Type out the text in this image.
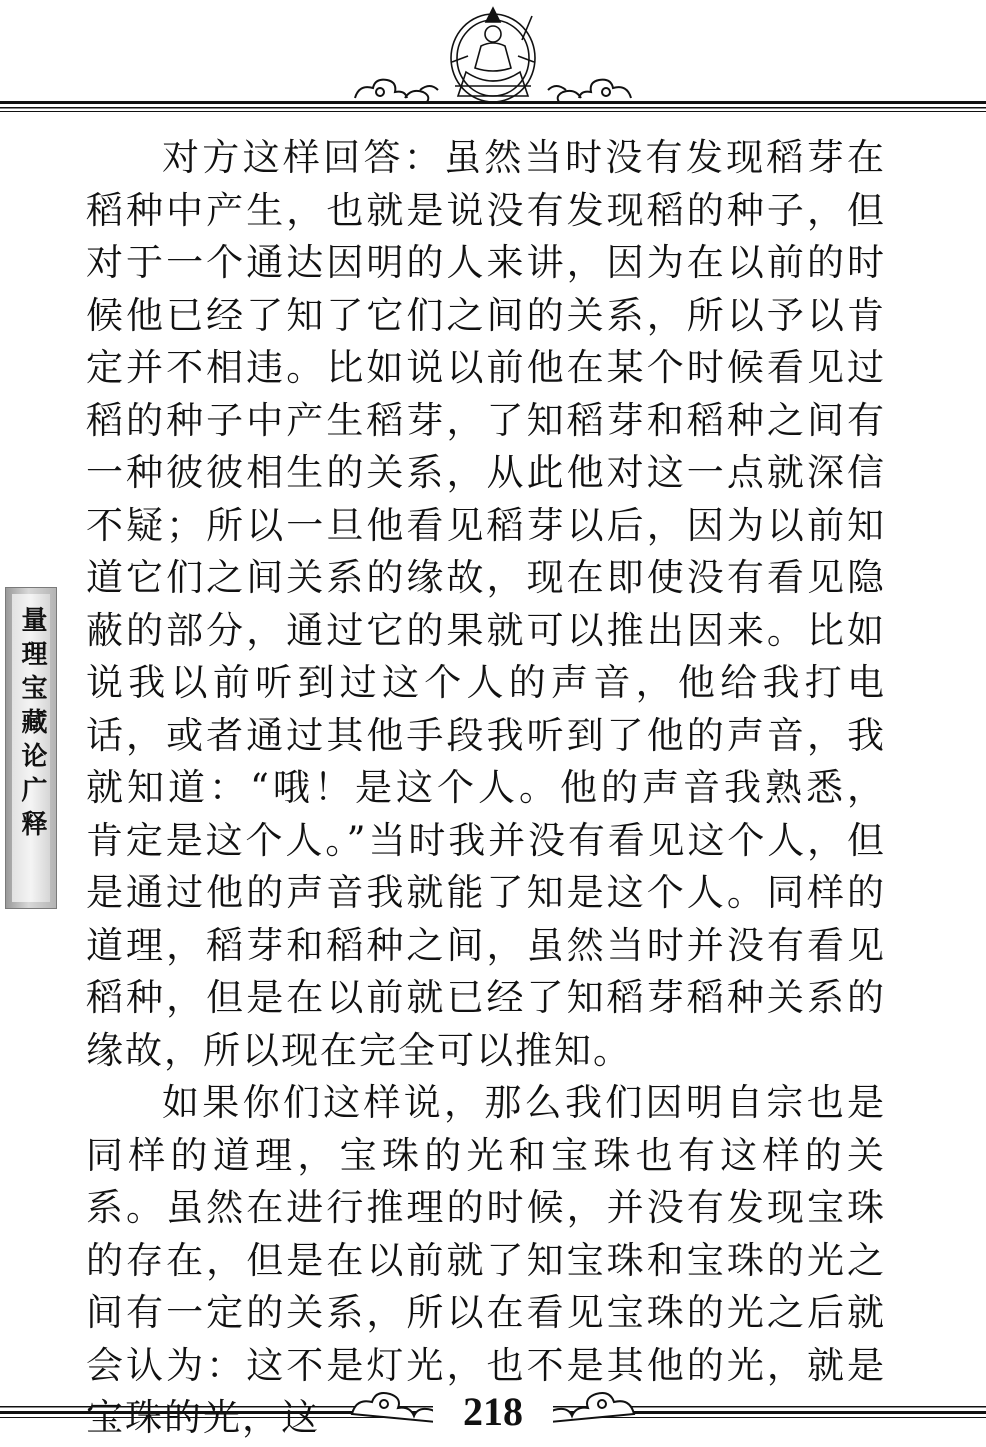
量理宝藏论广释

对方这样回答：虽然当时没有发现稻芽在稻种中产生，也就是说没有发现稻的种子，但对于一个通达因明的人来讲，因为在以前的时候他已经了知了它们之间的关系，所以予以肯定并不相违。比如说以前他在某个时候看见过稻的种子中产生稻芽，了知稻芽和稻种之间有一种彼彼相生的关系，从此他对这一点就深信不疑；所以一旦他看见稻芽以后，因为以前知道它们之间关系的缘故，现在即使没有看见隐蔽的部分，通过它的果就可以推出因来。比如说我以前听到过这个人的声音，他给我打电话，或者通过其他手段我听到了他的声音，我就知道：“哦！是这个人。他的声音我熟悉，肯定是这个人。”当时我并没有看见这个人，但是通过他的声音我就能了知是这个人。同样的道理，稻芽和稻种之间，虽然当时并没有看见稻种，但是在以前就已经了知稻芽稻种关系的缘故，所以现在完全可以推知。

如果你们这样说，那么我们因明自宗也是同样的道理，宝珠的光和宝珠也有这样的关系。虽然在进行推理的时候，并没有发现宝珠的存在，但是在以前就了知宝珠和宝珠的光之间有一定的关系，所以在看见宝珠的光之后就会认为：这不是灯光，也不是其他的光，就是

218
